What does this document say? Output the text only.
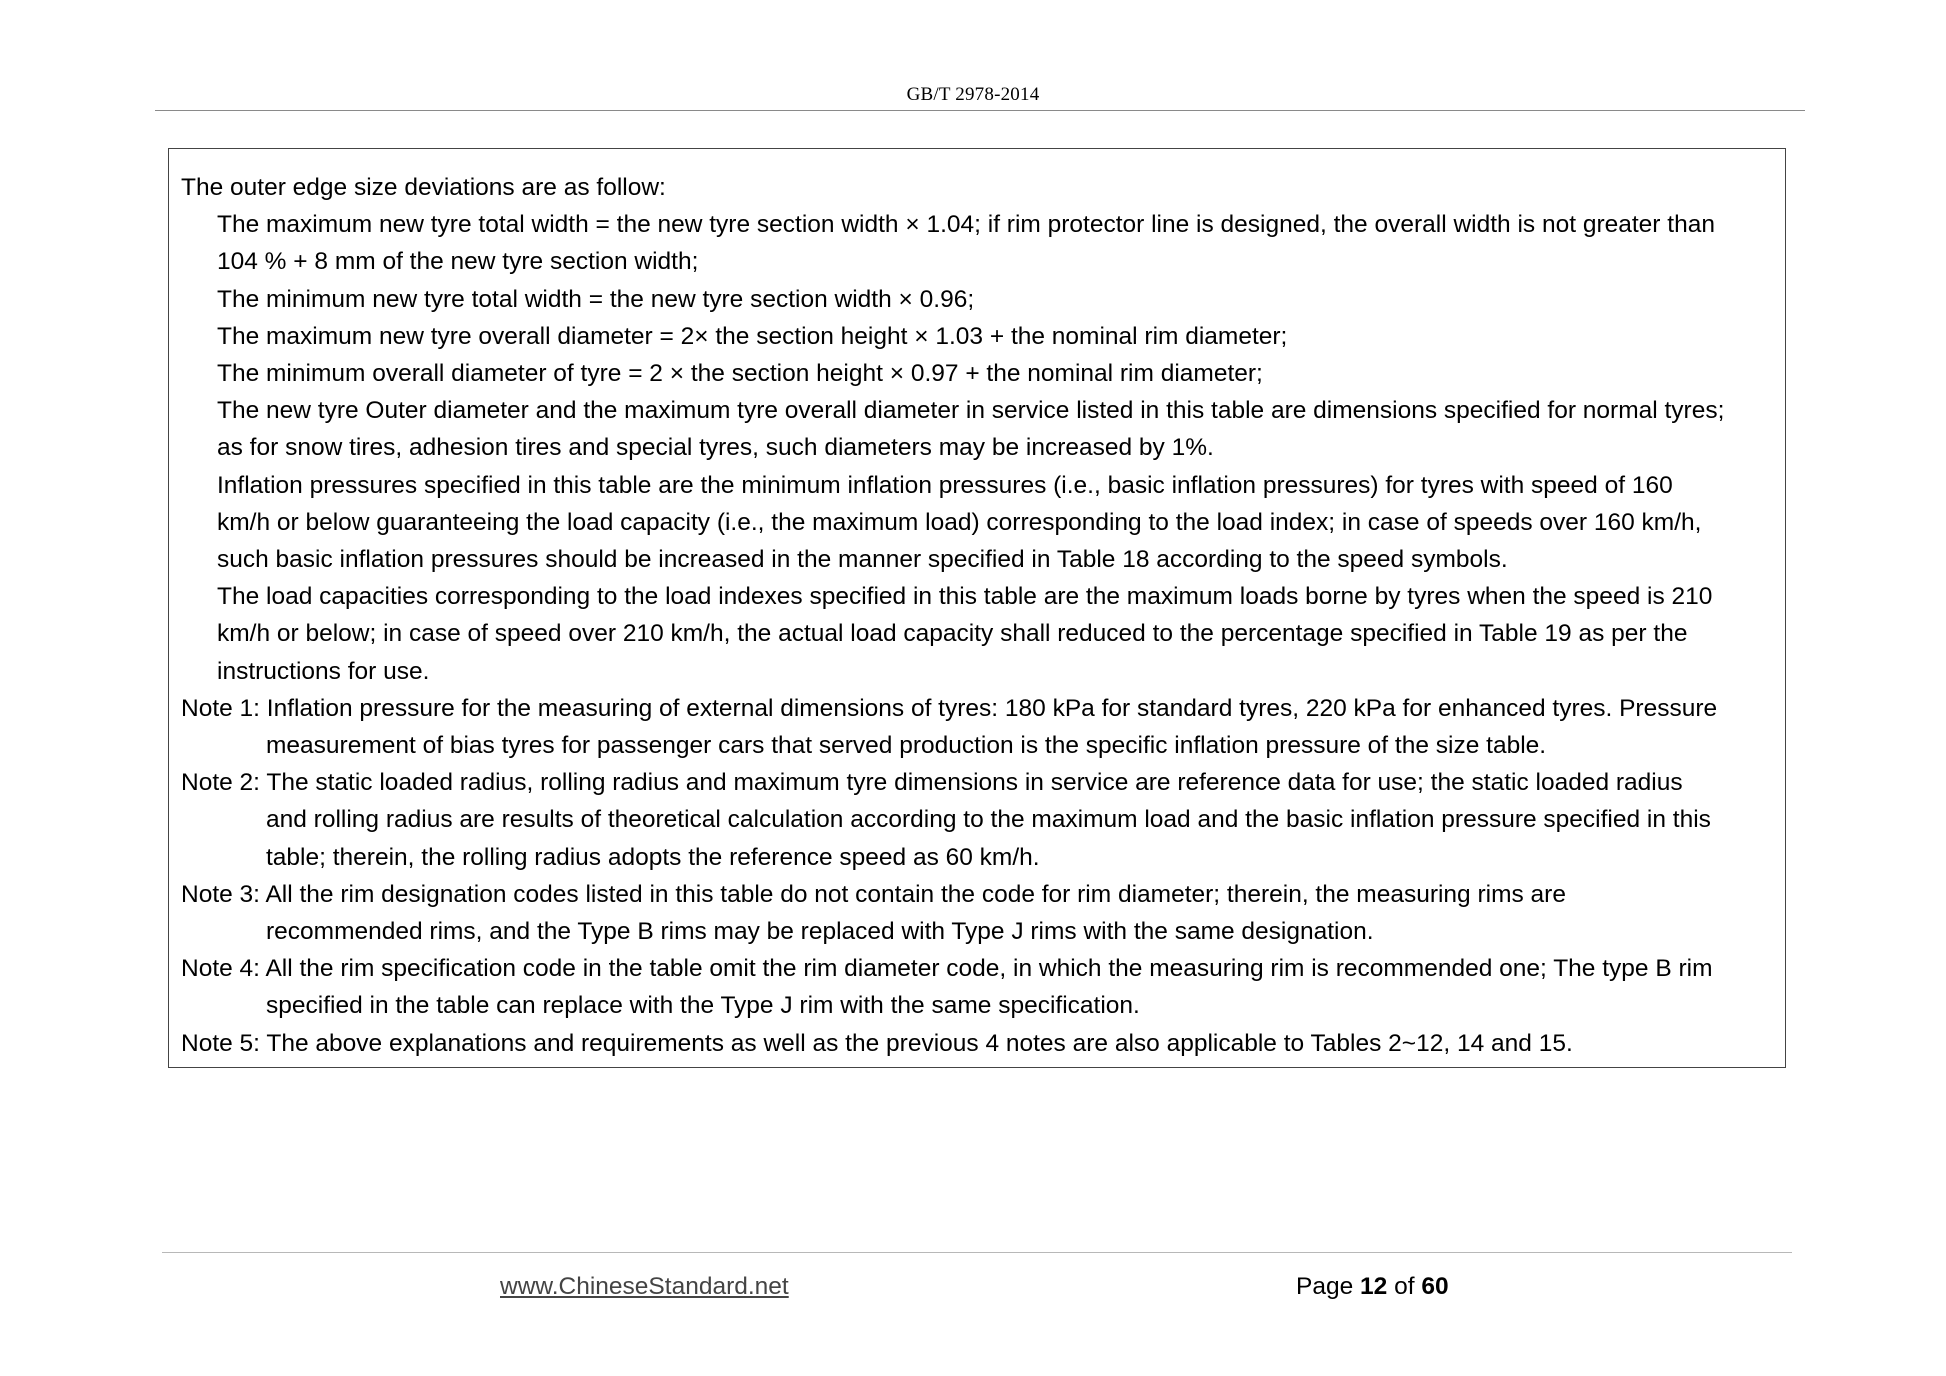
GB/T 2978-2014
The outer edge size deviations are as follow:
The maximum new tyre total width = the new tyre section width × 1.04; if rim protector line is designed, the overall width is not greater than
104 % + 8 mm of the new tyre section width;
The minimum new tyre total width = the new tyre section width × 0.96;
The maximum new tyre overall diameter = 2× the section height × 1.03 + the nominal rim diameter;
The minimum overall diameter of tyre = 2 × the section height × 0.97 + the nominal rim diameter;
The new tyre Outer diameter and the maximum tyre overall diameter in service listed in this table are dimensions specified for normal tyres;
as for snow tires, adhesion tires and special tyres, such diameters may be increased by 1%.
Inflation pressures specified in this table are the minimum inflation pressures (i.e., basic inflation pressures) for tyres with speed of 160
km/h or below guaranteeing the load capacity (i.e., the maximum load) corresponding to the load index; in case of speeds over 160 km/h,
such basic inflation pressures should be increased in the manner specified in Table 18 according to the speed symbols.
The load capacities corresponding to the load indexes specified in this table are the maximum loads borne by tyres when the speed is 210
km/h or below; in case of speed over 210 km/h, the actual load capacity shall reduced to the percentage specified in Table 19 as per the
instructions for use.
Note 1: Inflation pressure for the measuring of external dimensions of tyres: 180 kPa for standard tyres, 220 kPa for enhanced tyres. Pressure
measurement of bias tyres for passenger cars that served production is the specific inflation pressure of the size table.
Note 2: The static loaded radius, rolling radius and maximum tyre dimensions in service are reference data for use; the static loaded radius
and rolling radius are results of theoretical calculation according to the maximum load and the basic inflation pressure specified in this
table; therein, the rolling radius adopts the reference speed as 60 km/h.
Note 3: All the rim designation codes listed in this table do not contain the code for rim diameter; therein, the measuring rims are
recommended rims, and the Type B rims may be replaced with Type J rims with the same designation.
Note 4: All the rim specification code in the table omit the rim diameter code, in which the measuring rim is recommended one; The type B rim
specified in the table can replace with the Type J rim with the same specification.
Note 5: The above explanations and requirements as well as the previous 4 notes are also applicable to Tables 2~12, 14 and 15.
www.ChineseStandard.net	Page 12 of 60
